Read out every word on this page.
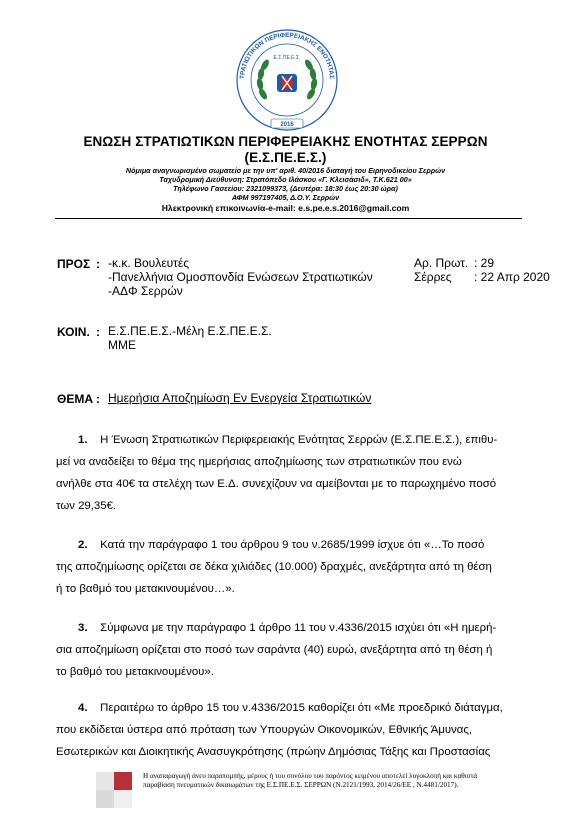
ΤΡΑΤΙΩΤΙΚΩΝ ΠΕΡΙΦΕΡΕΙΑΚΗΣ ΕΝΟΤΗΤΑΣ
Ε.Σ.ΠΕ.Ε.Σ.
2016
ΕΝΩΣΗ ΣΤΡΑΤΙΩΤΙΚΩΝ ΠΕΡΙΦΕΡΕΙΑΚΗΣ ΕΝΟΤΗΤΑΣ ΣΕΡΡΩΝ
(Ε.Σ.ΠΕ.Ε.Σ.)
Νόμιμα αναγνωρισμένο σωματείο με την υπ' αριθ. 40/2016 διαταγή του Ειρηνοδικείου Σερρών
Ταχυδρομική Διεύθυνση: Στρατόπεδο Ιλάσκου «Γ. Κλεισάσιδ», Τ.Κ.621 00»
Τηλέφωνο Γασεείου: 2321099373, (Δευτέρα: 18:30 έως 20:30 ώρα)
ΑΦΜ 997197405, Δ.Ο.Υ. Σερρών
Ηλεκτρονική επικοινωνία-e-mail: e.s.pe.e.s.2016@gmail.com
ΠΡΟΣ : -κ.κ. Βουλευτές
-Πανελλήνια Ομοσπονδία Ενώσεων Στρατιωτικών
-ΑΔΦ Σερρών
Αρ. Πρωτ. : 29
Σέρρες : 22 Απρ 2020
ΚΟΙΝ. : Ε.Σ.ΠΕ.Ε.Σ.-Μέλη Ε.Σ.ΠΕ.Ε.Σ.
ΜΜΕ
ΘΕΜΑ : Ημερήσια Αποζημίωση Εν Ενεργεία Στρατιωτικών
1. Η Ένωση Στρατιωτικών Περιφερειακής Ενότητας Σερρών (Ε.Σ.ΠΕ.Ε.Σ.), επιθυ-
μεί να αναδείξει το θέμα της ημερήσιας αποζημίωσης των στρατιωτικών που ενώ
ανήλθε στα 40€ τα στελέχη των Ε.Δ. συνεχίζουν να αμείβονται με το παρωχημένο ποσό
των 29,35€.
2. Κατά την παράγραφο 1 του άρθρου 9 του ν.2685/1999 ίσχυε ότι «…Το ποσό
της αποζημίωσης ορίζεται σε δέκα χιλιάδες (10.000) δραχμές, ανεξάρτητα από τη θέση
ή το βαθμό του μετακινουμένου…».
3. Σύμφωνα με την παράγραφο 1 άρθρο 11 του ν.4336/2015 ισχύει ότι «Η ημερή-
σια αποζημίωση ορίζεται στο ποσό των σαράντα (40) ευρώ, ανεξάρτητα από τη θέση ή
το βαθμό του μετακινουμένου».
4. Περαιτέρω το άρθρο 15 του ν.4336/2015 καθορίζει ότι «Με προεδρικό διάταγμα,
που εκδίδεται ύστερα από πρόταση των Υπουργών Οικονομικών, Εθνικής Άμυνας,
Εσωτερικών και Διοικητικής Ανασυγκρότησης (πρώην Δημόσιας Τάξης και Προστασίας
Η αναπαραγωγή άνευ παραπομπής, μέρους ή του συνόλου του παρόντος κειμένου αποτελεί λογοκλοπή και καθιστά
παραβίαση πνευματικών δικαιωμάτων της Ε.Σ.ΠΕ.Ε.Σ. ΣΕΡΡΩΝ (Ν.2121/1993, 2014/26/ΕΕ , Ν.4481/2017).
